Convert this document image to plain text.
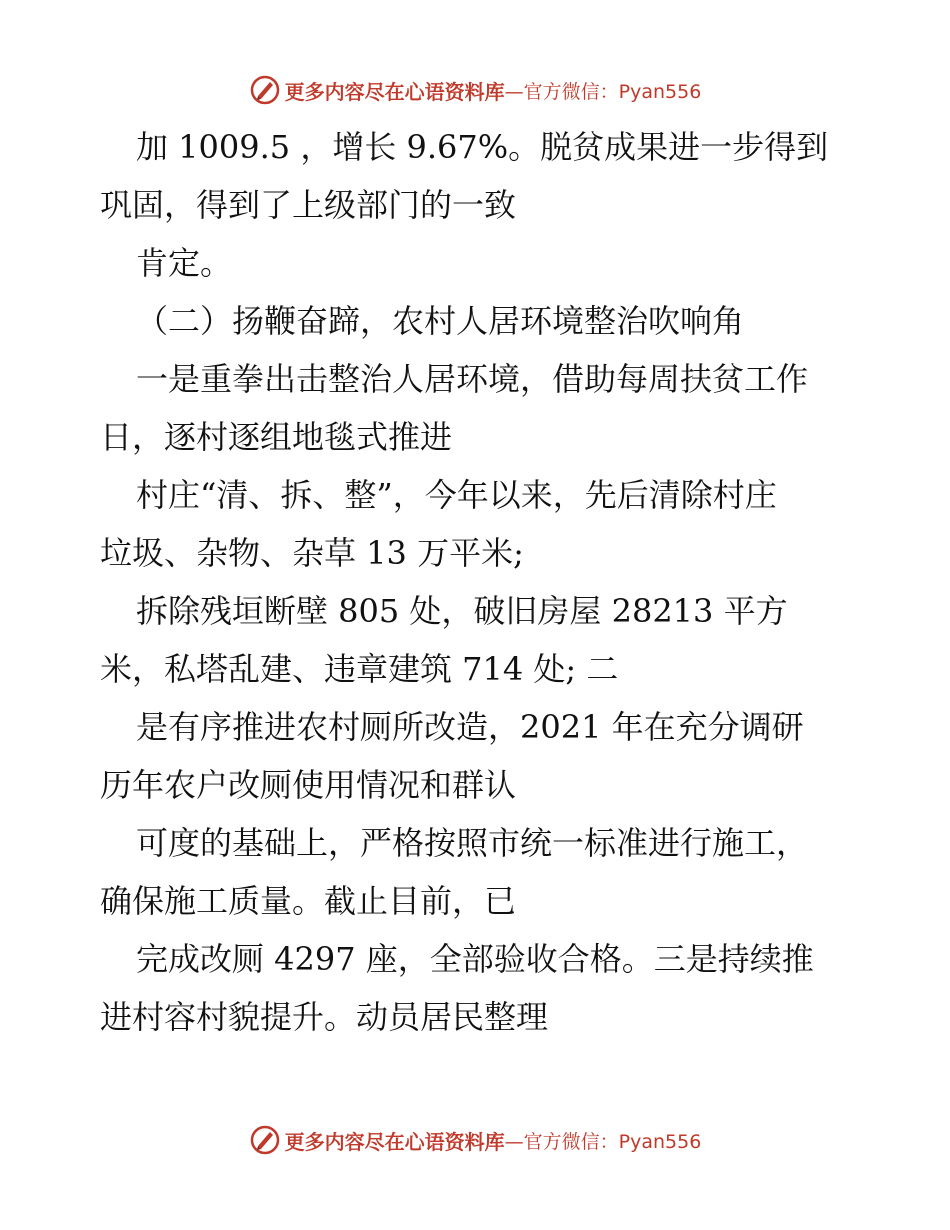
更多内容尽在心语资料库 —官方微信：Pyan556
加 1009.5 ，增长 9.67%。脱贫成果进一步得到
巩固，得到了上级部门的一致
肯定。
（二）扬鞭奋蹄，农村人居环境整治吹响角
一是重拳出击整治人居环境，借助每周扶贫工作
日，逐村逐组地毯式推进
村庄“清、拆、整”，今年以来，先后清除村庄
垃圾、杂物、杂草 13 万平米;
拆除残垣断壁 805 处，破旧房屋 28213 平方
米，私塔乱建、违章建筑 714 处; 二
是有序推进农村厕所改造，2021 年在充分调研
历年农户改厕使用情况和群认
可度的基础上，严格按照市统一标准进行施工，
确保施工质量。截止目前，已
完成改厕 4297 座，全部验收合格。三是持续推
进村容村貌提升。动员居民整理
更多内容尽在心语资料库 —官方微信：Pyan556
